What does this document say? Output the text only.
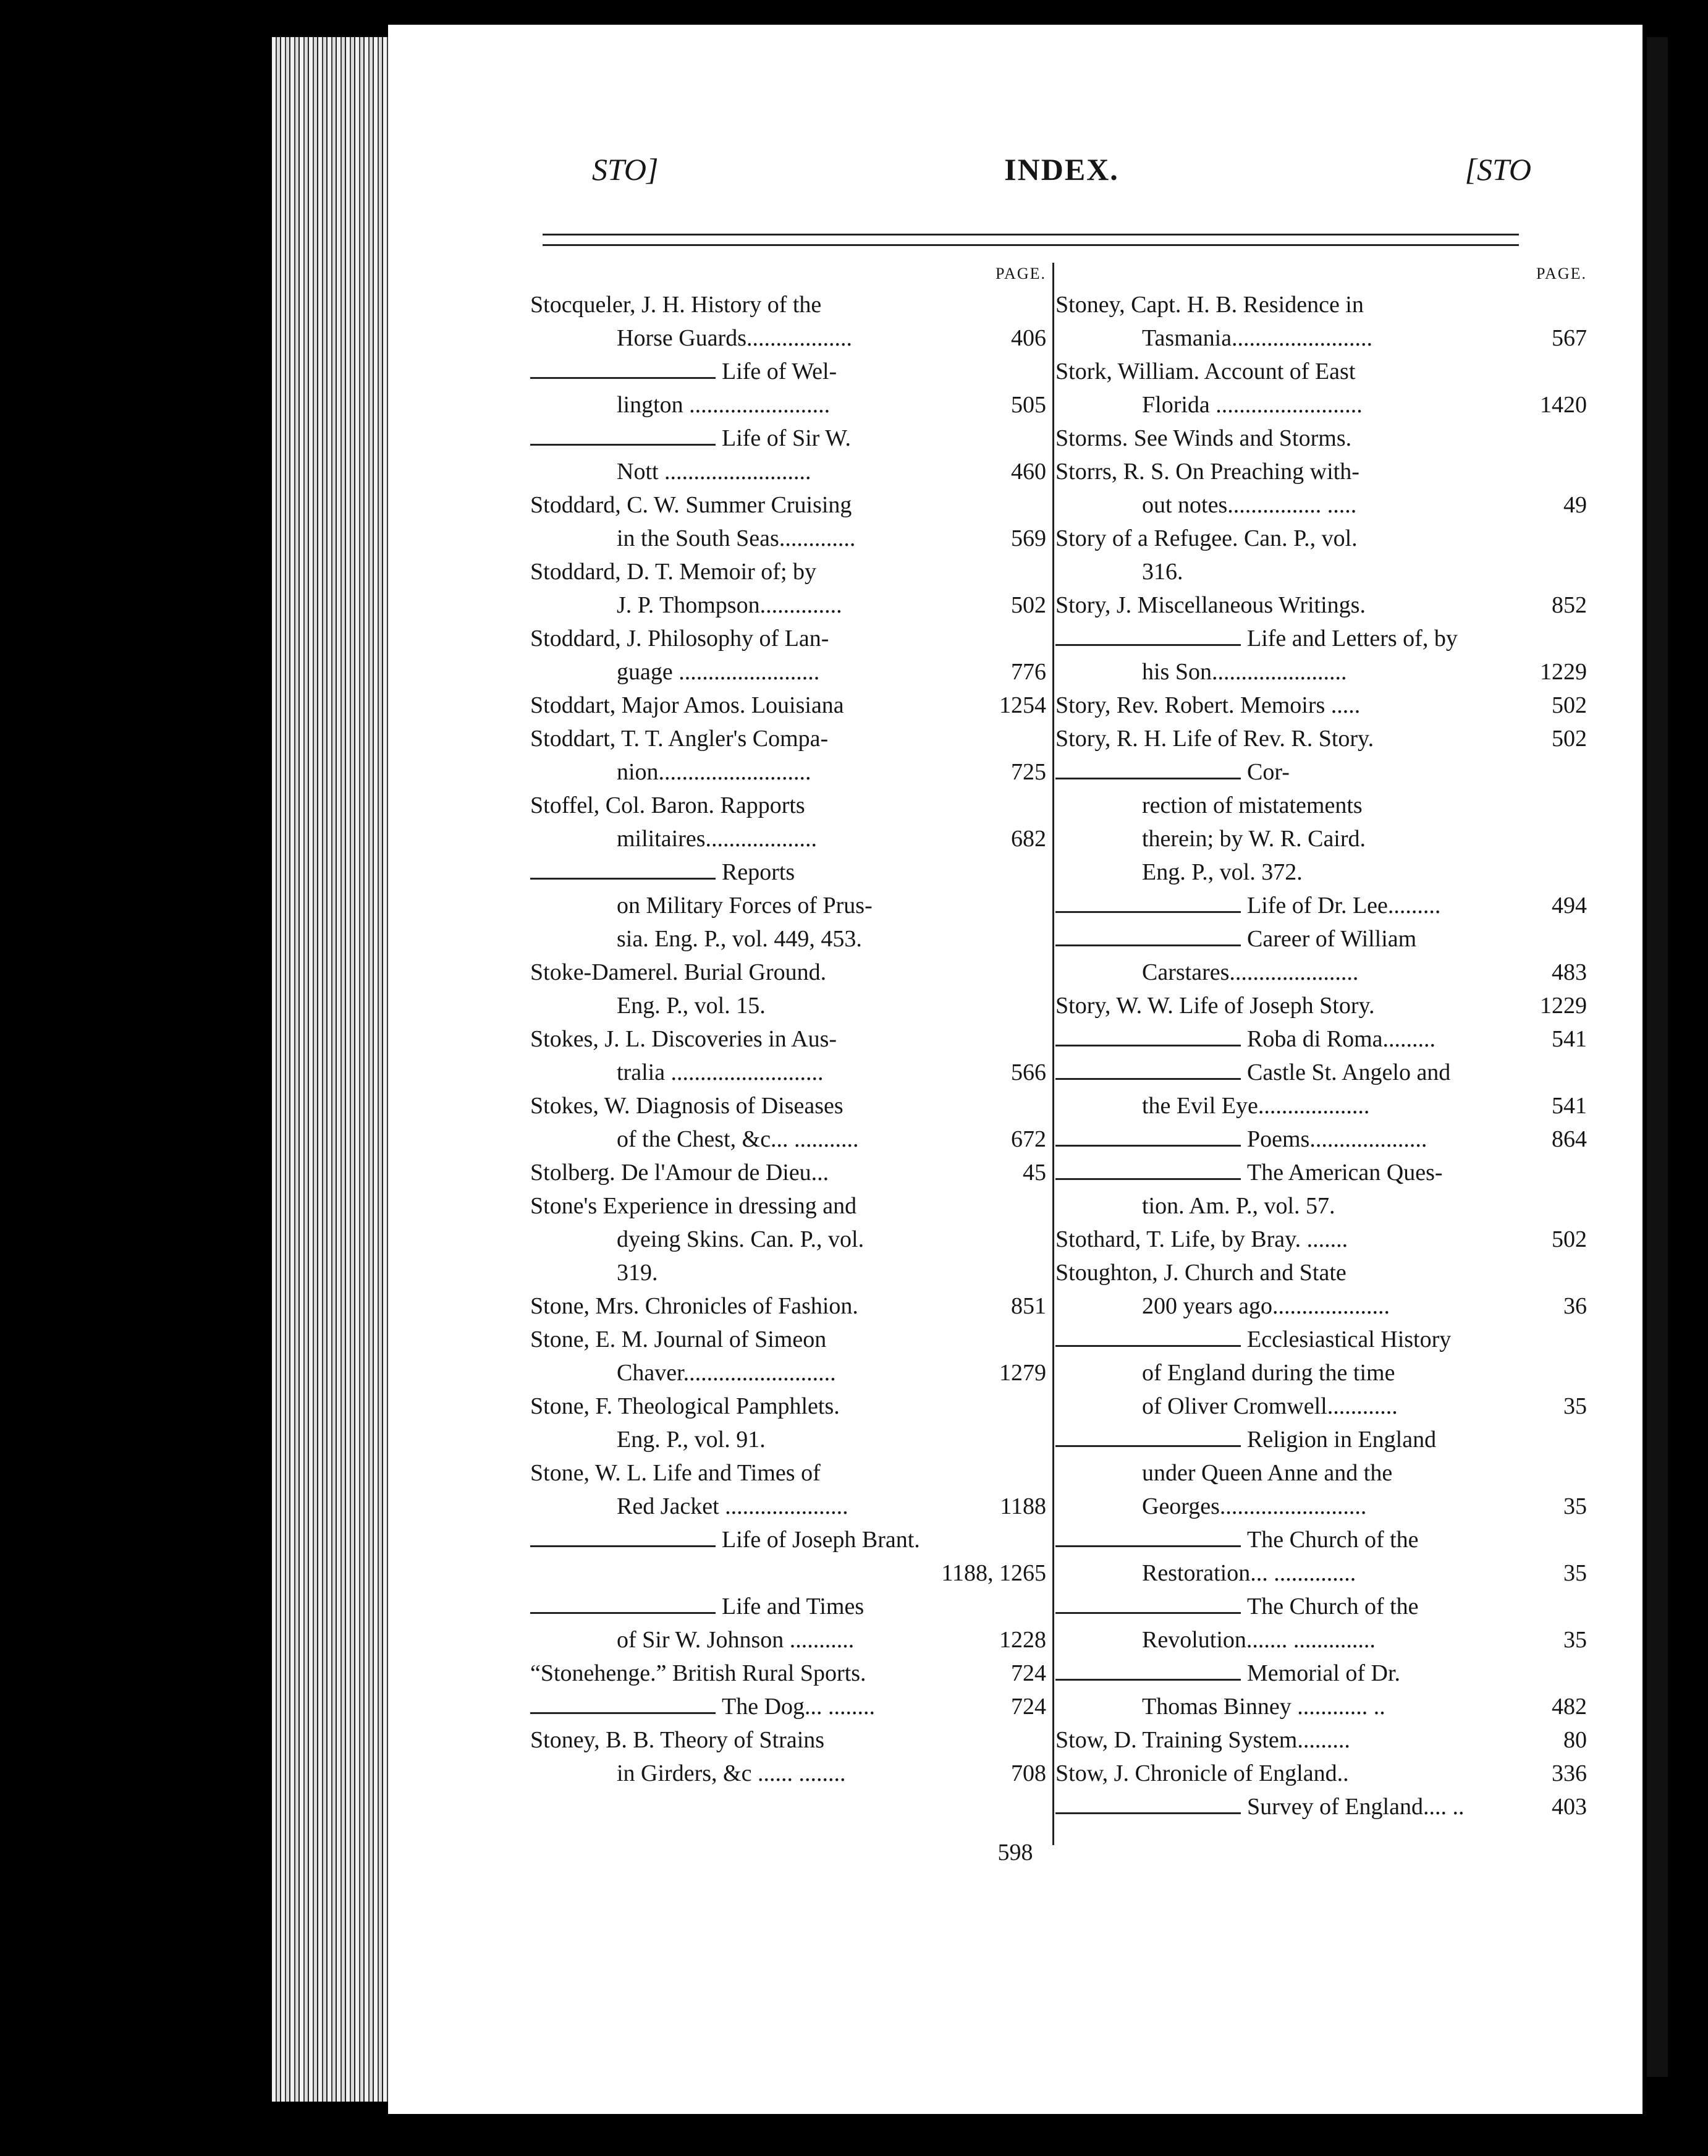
STO]	INDEX.	[STO
PAGE.
Stocqueler, J. H. History of the
Horse Guards..................	406
Life of Wel-
lington ........................	505
Life of Sir W.
Nott .........................	460
Stoddard, C. W. Summer Cruising
in the South Seas.............	569
Stoddard, D. T. Memoir of; by
J. P. Thompson..............	502
Stoddard, J. Philosophy of Lan-
guage ........................	776
Stoddart, Major Amos. Louisiana	1254
Stoddart, T. T. Angler's Compa-
nion..........................	725
Stoffel, Col. Baron. Rapports
militaires...................	682
Reports
on Military Forces of Prus-
sia. Eng. P., vol. 449, 453.
Stoke-Damerel. Burial Ground.
Eng. P., vol. 15.
Stokes, J. L. Discoveries in Aus-
tralia ..........................	566
Stokes, W. Diagnosis of Diseases
of the Chest, &c... ...........	672
Stolberg. De l'Amour de Dieu...	45
Stone's Experience in dressing and
dyeing Skins. Can. P., vol.
319.
Stone, Mrs. Chronicles of Fashion.	851
Stone, E. M. Journal of Simeon
Chaver..........................	1279
Stone, F. Theological Pamphlets.
Eng. P., vol. 91.
Stone, W. L. Life and Times of
Red Jacket .....................	1188
Life of Joseph Brant.
1188, 1265
Life and Times
of Sir W. Johnson ...........	1228
“Stonehenge.” British Rural Sports.	724
The Dog... ........	724
Stoney, B. B. Theory of Strains
in Girders, &c ...... ........	708
PAGE.
Stoney, Capt. H. B. Residence in
Tasmania........................	567
Stork, William. Account of East
Florida .........................	1420
Storms. See Winds and Storms.
Storrs, R. S. On Preaching with-
out notes................ .....	49
Story of a Refugee. Can. P., vol.
316.
Story, J. Miscellaneous Writings.	852
Life and Letters of, by
his Son.......................	1229
Story, Rev. Robert. Memoirs .....	502
Story, R. H. Life of Rev. R. Story.	502
Cor-
rection of mistatements
therein; by W. R. Caird.
Eng. P., vol. 372.
Life of Dr. Lee.........	494
Career of William
Carstares......................	483
Story, W. W. Life of Joseph Story.	1229
Roba di Roma.........	541
Castle St. Angelo and
the Evil Eye...................	541
Poems....................	864
The American Ques-
tion. Am. P., vol. 57.
Stothard, T. Life, by Bray. .......	502
Stoughton, J. Church and State
200 years ago....................	36
Ecclesiastical History
of England during the time
of Oliver Cromwell............	35
Religion in England
under Queen Anne and the
Georges.........................	35
The Church of the
Restoration... ..............	35
The Church of the
Revolution....... ..............	35
Memorial of Dr.
Thomas Binney ............ ..	482
Stow, D. Training System.........	80
Stow, J. Chronicle of England..	336
Survey of England.... ..	403
598
